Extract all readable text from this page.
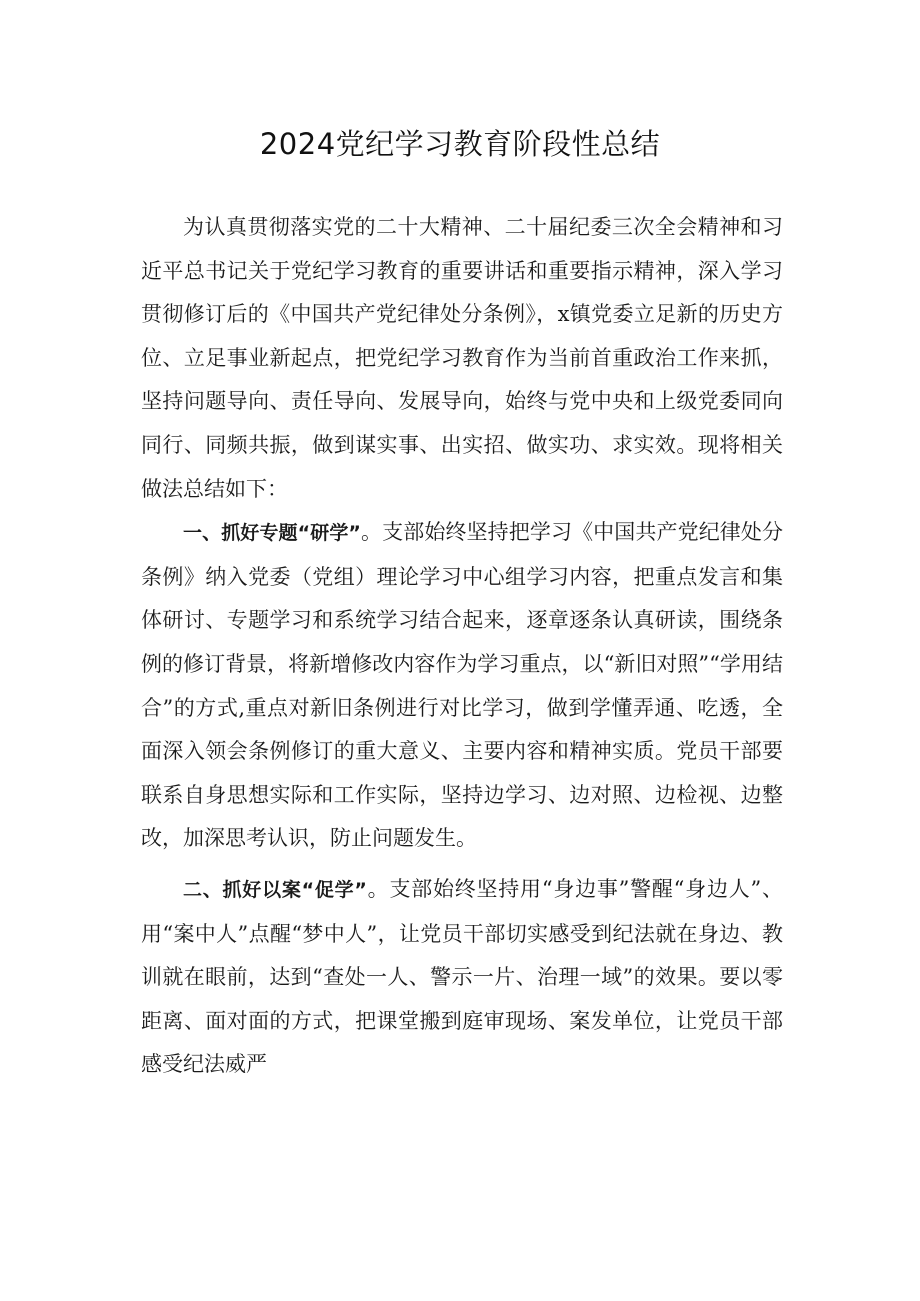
2024党纪学习教育阶段性总结

为认真贯彻落实党的二十大精神、二十届纪委三次全会精神和习近平总书记关于党纪学习教育的重要讲话和重要指示精神，深入学习贯彻修订后的《中国共产党纪律处分条例》，x镇党委立足新的历史方位、立足事业新起点，把党纪学习教育作为当前首重政治工作来抓，坚持问题导向、责任导向、发展导向，始终与党中央和上级党委同向同行、同频共振，做到谋实事、出实招、做实功、求实效。现将相关做法总结如下：

一、抓好专题“研学”。支部始终坚持把学习《中国共产党纪律处分条例》纳入党委（党组）理论学习中心组学习内容，把重点发言和集体研讨、专题学习和系统学习结合起来，逐章逐条认真研读，围绕条例的修订背景，将新增修改内容作为学习重点，以“新旧对照”“学用结合”的方式,重点对新旧条例进行对比学习，做到学懂弄通、吃透，全面深入领会条例修订的重大意义、主要内容和精神实质。党员干部要联系自身思想实际和工作实际，坚持边学习、边对照、边检视、边整改，加深思考认识，防止问题发生。

二、抓好以案“促学”。支部始终坚持用“身边事”警醒“身边人”、用“案中人”点醒“梦中人”，让党员干部切实感受到纪法就在身边、教训就在眼前，达到“查处一人、警示一片、治理一域”的效果。要以零距离、面对面的方式，把课堂搬到庭审现场、案发单位，让党员干部感受纪法威严
